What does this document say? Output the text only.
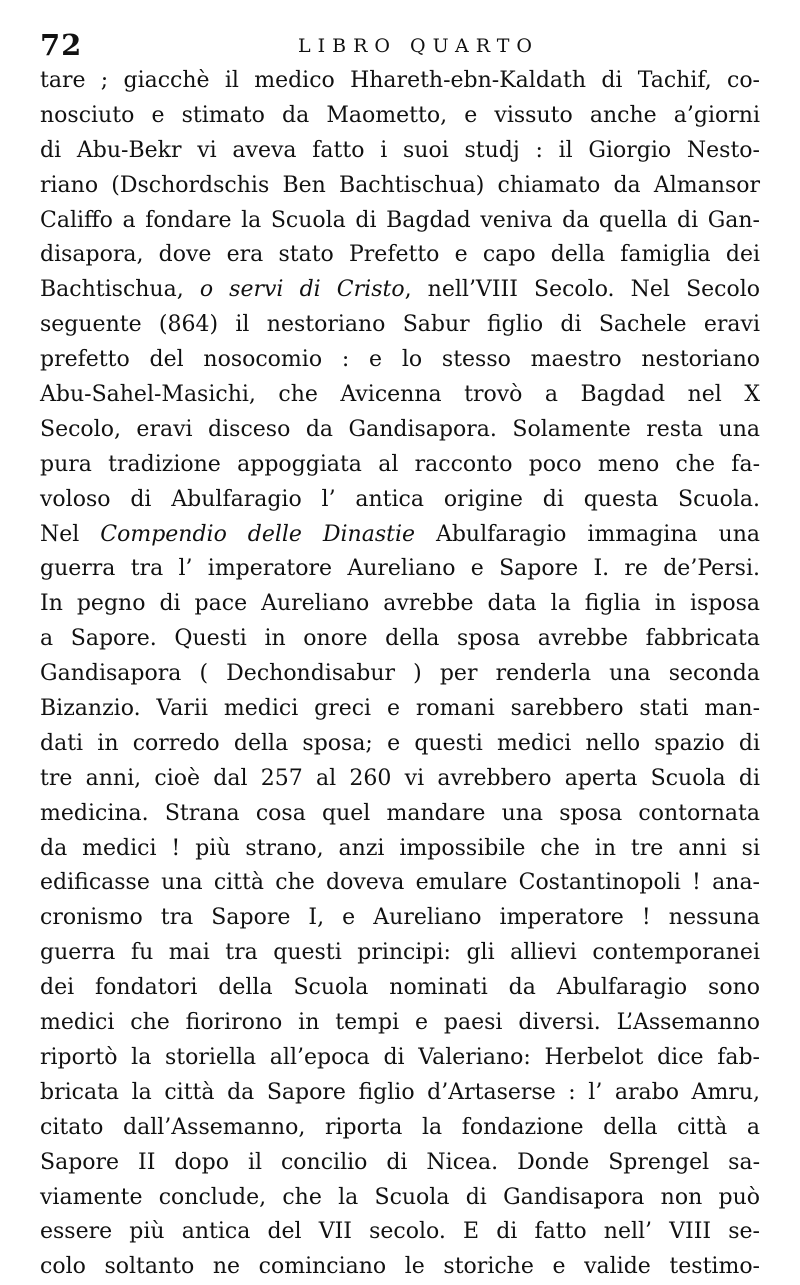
72	LIBRO QUARTO
tare ; giacchè il medico Hhareth-ebn-Kaldath di Tachif, co-
nosciuto e stimato da Maometto, e vissuto anche a’giorni
di Abu-Bekr vi aveva fatto i suoi studj : il Giorgio Nesto-
riano (Dschordschis Ben Bachtischua) chiamato da Almansor
Califfo a fondare la Scuola di Bagdad veniva da quella di Gan-
disapora, dove era stato Prefetto e capo della famiglia dei
Bachtischua, o servi di Cristo, nell’VIII Secolo. Nel Secolo
seguente (864) il nestoriano Sabur figlio di Sachele eravi
prefetto del nosocomio : e lo stesso maestro nestoriano
Abu-Sahel-Masichi, che Avicenna trovò a Bagdad nel X
Secolo, eravi disceso da Gandisapora. Solamente resta una
pura tradizione appoggiata al racconto poco meno che fa-
voloso di Abulfaragio l’ antica origine di questa Scuola.
Nel Compendio delle Dinastie Abulfaragio immagina una
guerra tra l’ imperatore Aureliano e Sapore I. re de’Persi.
In pegno di pace Aureliano avrebbe data la figlia in isposa
a Sapore. Questi in onore della sposa avrebbe fabbricata
Gandisapora ( Dechondisabur ) per renderla una seconda
Bizanzio. Varii medici greci e romani sarebbero stati man-
dati in corredo della sposa; e questi medici nello spazio di
tre anni, cioè dal 257 al 260 vi avrebbero aperta Scuola di
medicina. Strana cosa quel mandare una sposa contornata
da medici ! più strano, anzi impossibile che in tre anni si
edificasse una città che doveva emulare Costantinopoli ! ana-
cronismo tra Sapore I, e Aureliano imperatore ! nessuna
guerra fu mai tra questi principi: gli allievi contemporanei
dei fondatori della Scuola nominati da Abulfaragio sono
medici che fiorirono in tempi e paesi diversi. L’Assemanno
riportò la storiella all’epoca di Valeriano: Herbelot dice fab-
bricata la città da Sapore figlio d’Artaserse : l’ arabo Amru,
citato dall’Assemanno, riporta la fondazione della città a
Sapore II dopo il concilio di Nicea. Donde Sprengel sa-
viamente conclude, che la Scuola di Gandisapora non può
essere più antica del VII secolo. E di fatto nell’ VIII se-
colo soltanto ne cominciano le storiche e valide testimo-
